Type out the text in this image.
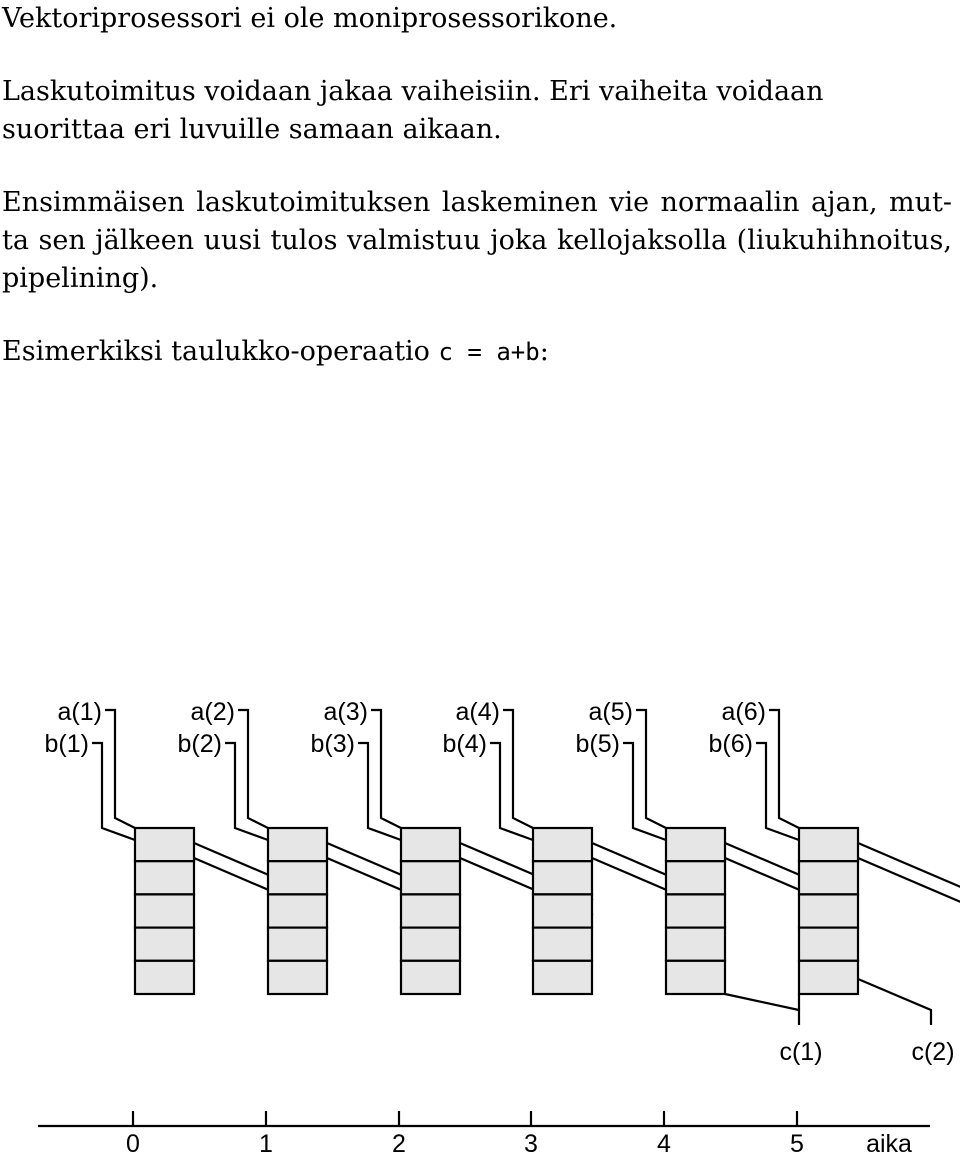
Vektoriprosessori ei ole moniprosessorikone.

Laskutoimitus voidaan jakaa vaiheisiin. Eri vaiheita voidaan suorittaa eri luvuille samaan aikaan.

Ensimmäisen laskutoimituksen laskeminen vie normaalin ajan, mut-
ta sen jälkeen uusi tulos valmistuu joka kellojaksolla (liukuhihnoitus,
pipelining).

Esimerkiksi taulukko-operaatio c = a+b:

a(1)	a(2)	a(3)	a(4)	a(5)	a(6)
b(1)	b(2)	b(3)	b(4)	b(5)	b(6)
c(1)	c(2)
0	1	2	3	4	5 aika
